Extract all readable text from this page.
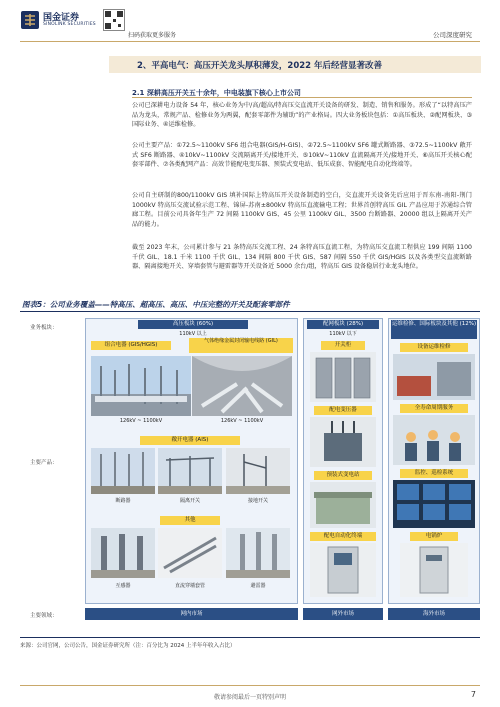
国金证券
SINOLINK SECURITIES
扫码获取更多服务	公司深度研究
2、平高电气：高压开关龙头厚积薄发，2022 年后经营显著改善
2.1 深耕高压开关五十余年，中电装旗下核心上市公司

公司已深耕电力设备 54 年，核心业务为中/高/超高/特高压交直流开关设备的研发、制造、销售和服务。形成了“以特高压产品为龙头，常规产品、检修业务为两翼，配套零部件为辅助”的产业格局。四大业务板块包括：①高压板块、②配网板块、③国际业务、④运维检修。

公司主要产品：①72.5~1100kV SF6 组合电器(GIS/H-GIS)、②72.5~1100kV SF6 罐式断路器、③72.5~1100kV 敞开式 SF6 断路器、④10kV~1100kV 交流隔离开关/接地开关、⑤10kV~110kV 直流隔离开关/接地开关、⑥高压开关核心配套零部件、⑦各类配网产品：高效节能配电变压器、预装式变电站、低压成套、智能配电自动化终端等。

公司自主研制的800/1100kV GIS 填补国际上特高压开关设备制造的空白，交直流开关设备先后应用于晋东南-南阳-荆门 1000kV 特高压交流试验示范工程、锦屏-苏南±800kV 特高压直流输电工程；世界首创特高压 GIL 产品应用于苏通综合管廊工程。目前公司具备年生产 72 间隔 1100kV GIS、45 公里 1100kV GIL、3500 台断路器、20000 组以上隔离开关产品的能力。

截至 2023 年末，公司累计参与 21 条特高压交流工程、24 条特高压直流工程，为特高压交直流工程供应 199 间隔 1100 千伏 GIL、18.1 千米 1100 千伏 GIL、134 间隔 800 千伏 GIS、587 间隔 550 千伏 GIS/HGIS 以及各类型交直流断路器、隔离接地开关、穿墙套管与避雷器等开关设备近 5000 余台/组，特高压 GIS 设备稳居行业龙头地位。

图表5：公司业务覆盖——特高压、超高压、高压、中压完整的开关及配套零部件
业务板块：
主要产品：
主要领域：
高压板块 (60%)
110kV 以上
组合电器 (GIS/HGIS)
气体绝缘金属封闭输电线路 (GIL)
126kV ~ 1100kV	126kV ~ 1100kV
敞开电器 (AIS)
断路器	隔离开关	接地开关
其他
互感器	直流穿墙套管	避雷器
配网板块 (28%)
110kV 以下
开关柜
配电变压器
预装式变电站
配电自动化终端
运维检修、国际板块及其他 (12%)
设备运维检修
全寿命周期服务
监控、巡检系统
电锅炉
网内市场	网外市场	海外市场
来源：公司官网，公司公告，国金证券研究所（注：百分比为 2024 上半年年收入占比）
敬请参阅最后一页特别声明	7
